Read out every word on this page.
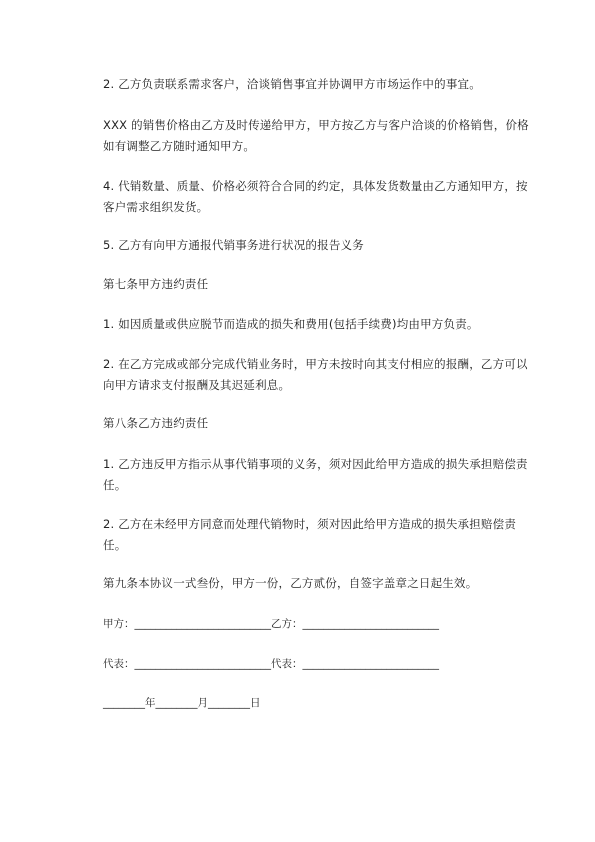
2. 乙方负责联系需求客户，洽谈销售事宜并协调甲方市场运作中的事宜。

XXX 的销售价格由乙方及时传递给甲方，甲方按乙方与客户洽谈的价格销售，价格如有调整乙方随时通知甲方。

4. 代销数量、质量、价格必须符合合同的约定，具体发货数量由乙方通知甲方，按客户需求组织发货。

5. 乙方有向甲方通报代销事务进行状况的报告义务

第七条甲方违约责任

1. 如因质量或供应脱节而造成的损失和费用(包括手续费)均由甲方负责。

2. 在乙方完成或部分完成代销业务时，甲方未按时向其支付相应的报酬，乙方可以向甲方请求支付报酬及其迟延利息。

第八条乙方违约责任

1. 乙方违反甲方指示从事代销事项的义务，须对因此给甲方造成的损失承担赔偿责任。

2. 乙方在未经甲方同意而处理代销物时，须对因此给甲方造成的损失承担赔偿责任。

第九条本协议一式叁份，甲方一份，乙方贰份，自签字盖章之日起生效。

甲方：__________________________乙方：__________________________
代表：__________________________代表：__________________________
________年________月________日
